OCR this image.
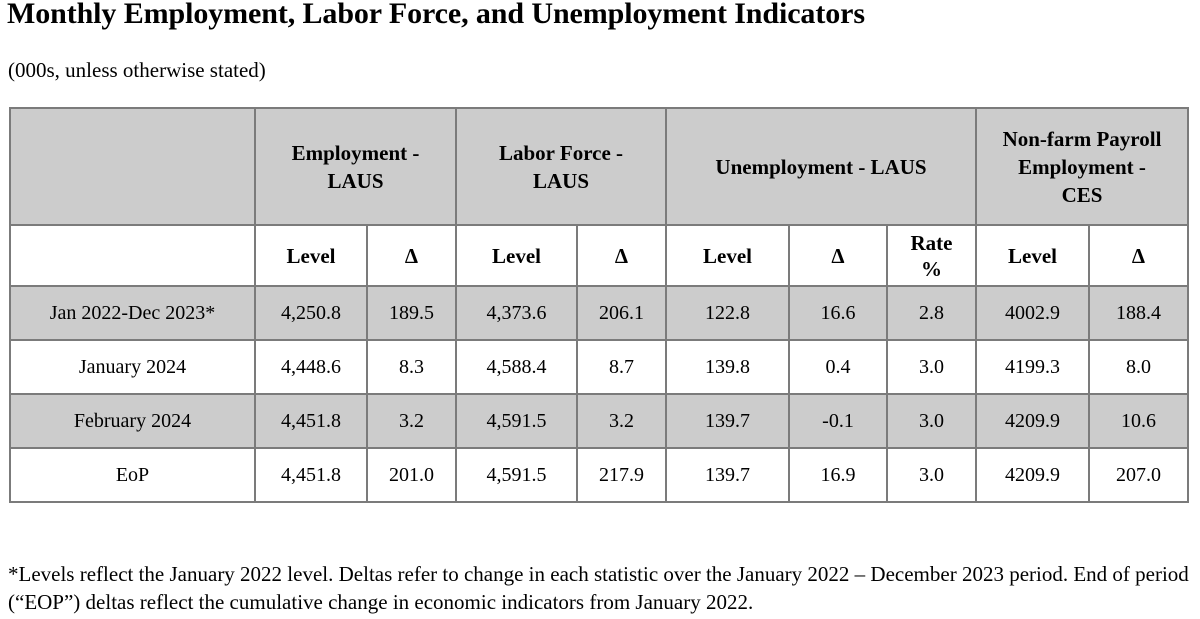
Monthly Employment, Labor Force, and Unemployment Indicators
(000s, unless otherwise stated)

	Employment - LAUS		Labor Force - LAUS		Unemployment - LAUS			Non-farm Payroll Employment - CES	

	Level	Δ	Level	Δ	Level	Δ	Rate %	Level	Δ
Jan 2022-Dec 2023*	4,250.8	189.5	4,373.6	206.1	122.8	16.6	2.8	4002.9	188.4
January 2024	4,448.6	8.3	4,588.4	8.7	139.8	0.4	3.0	4199.3	8.0
February 2024	4,451.8	3.2	4,591.5	3.2	139.7	-0.1	3.0	4209.9	10.6
EoP	4,451.8	201.0	4,591.5	217.9	139.7	16.9	3.0	4209.9	207.0
*Levels reflect the January 2022 level. Deltas refer to change in each statistic over the January 2022 – December 2023 period. End of period (“EOP”) deltas reflect the cumulative change in economic indicators from January 2022.
